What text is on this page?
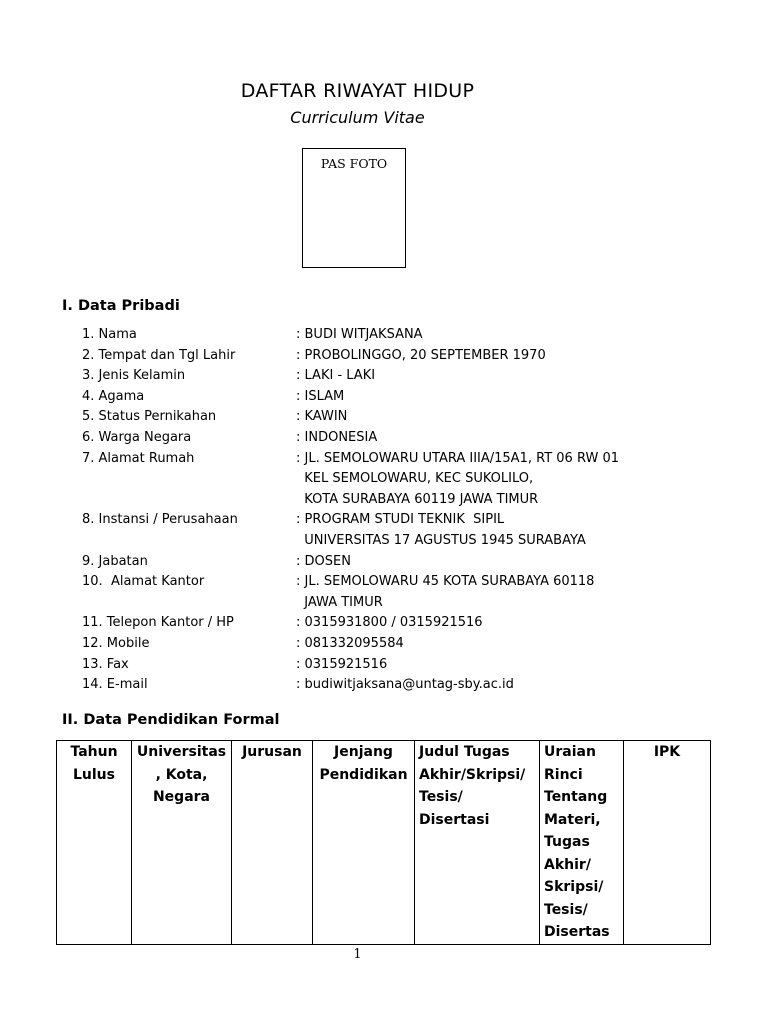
DAFTAR RIWAYAT HIDUP
Curriculum Vitae
PAS FOTO
I. Data Pribadi
1. Nama	: BUDI WITJAKSANA
2. Tempat dan Tgl Lahir	: PROBOLINGGO, 20 SEPTEMBER 1970
3. Jenis Kelamin	: LAKI - LAKI
4. Agama	: ISLAM
5. Status Pernikahan	: KAWIN
6. Warga Negara	: INDONESIA
7. Alamat Rumah	: JL. SEMOLOWARU UTARA IIIA/15A1, RT 06 RW 01
KEL SEMOLOWARU, KEC SUKOLILO,
KOTA SURABAYA 60119 JAWA TIMUR
8. Instansi / Perusahaan	: PROGRAM STUDI TEKNIK  SIPIL
UNIVERSITAS 17 AGUSTUS 1945 SURABAYA
9. Jabatan	: DOSEN
10.  Alamat Kantor	: JL. SEMOLOWARU 45 KOTA SURABAYA 60118
JAWA TIMUR
11. Telepon Kantor / HP	: 0315931800 / 0315921516
12. Mobile	: 081332095584
13. Fax	: 0315921516
14. E-mail	: budiwitjaksana@untag-sby.ac.id
II. Data Pendidikan Formal
Tahun Lulus	Universitas , Kota, Negara	Jurusan	Jenjang Pendidikan	Judul Tugas Akhir/Skripsi/ Tesis/ Disertasi	Uraian Rinci Tentang Materi, Tugas Akhir/ Skripsi/ Tesis/ Disertas	IPK
1
